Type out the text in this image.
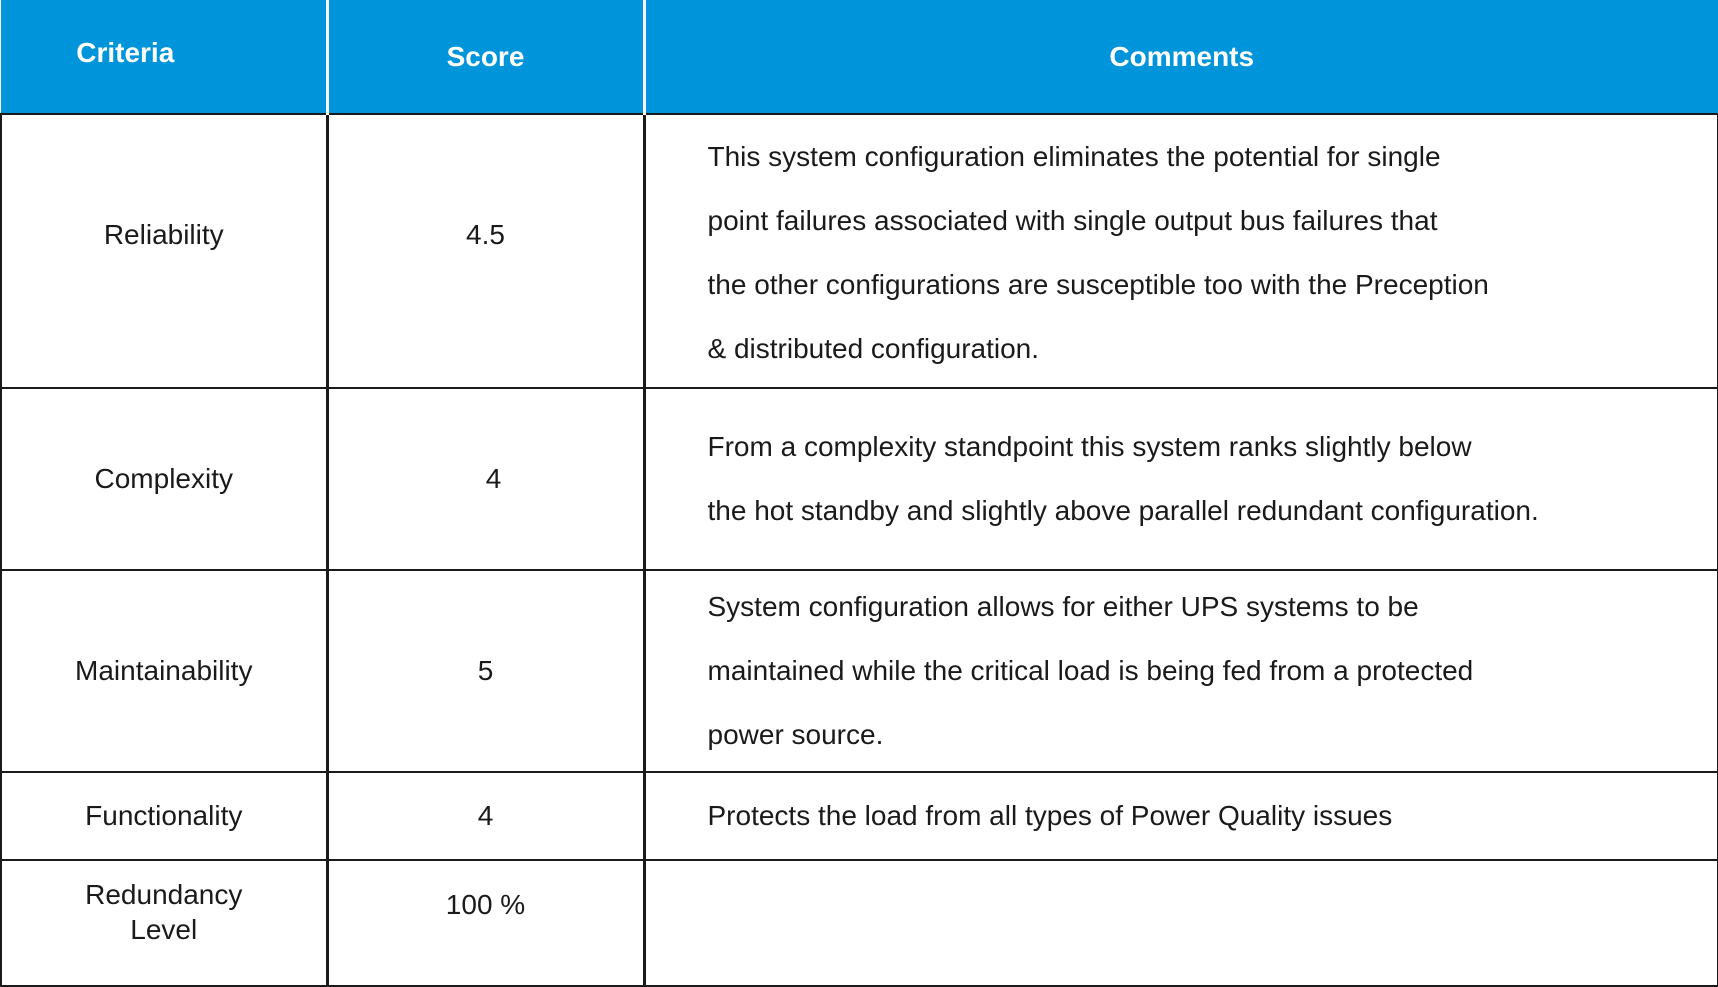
Criteria	Score	Comments
Reliability	4.5	This system configuration eliminates the potential for single
point failures associated with single output bus failures that
the other configurations are susceptible too with the Preception
& distributed configuration.

Complexity	4	From a complexity standpoint this system ranks slightly below
the hot standby and slightly above parallel redundant configuration.

Maintainability	5	System configuration allows for either UPS systems to be
maintained while the critical load is being fed from a protected
power source.

Functionality	4	Protects the load from all types of Power Quality issues

Redundancy
Level	100 %	
